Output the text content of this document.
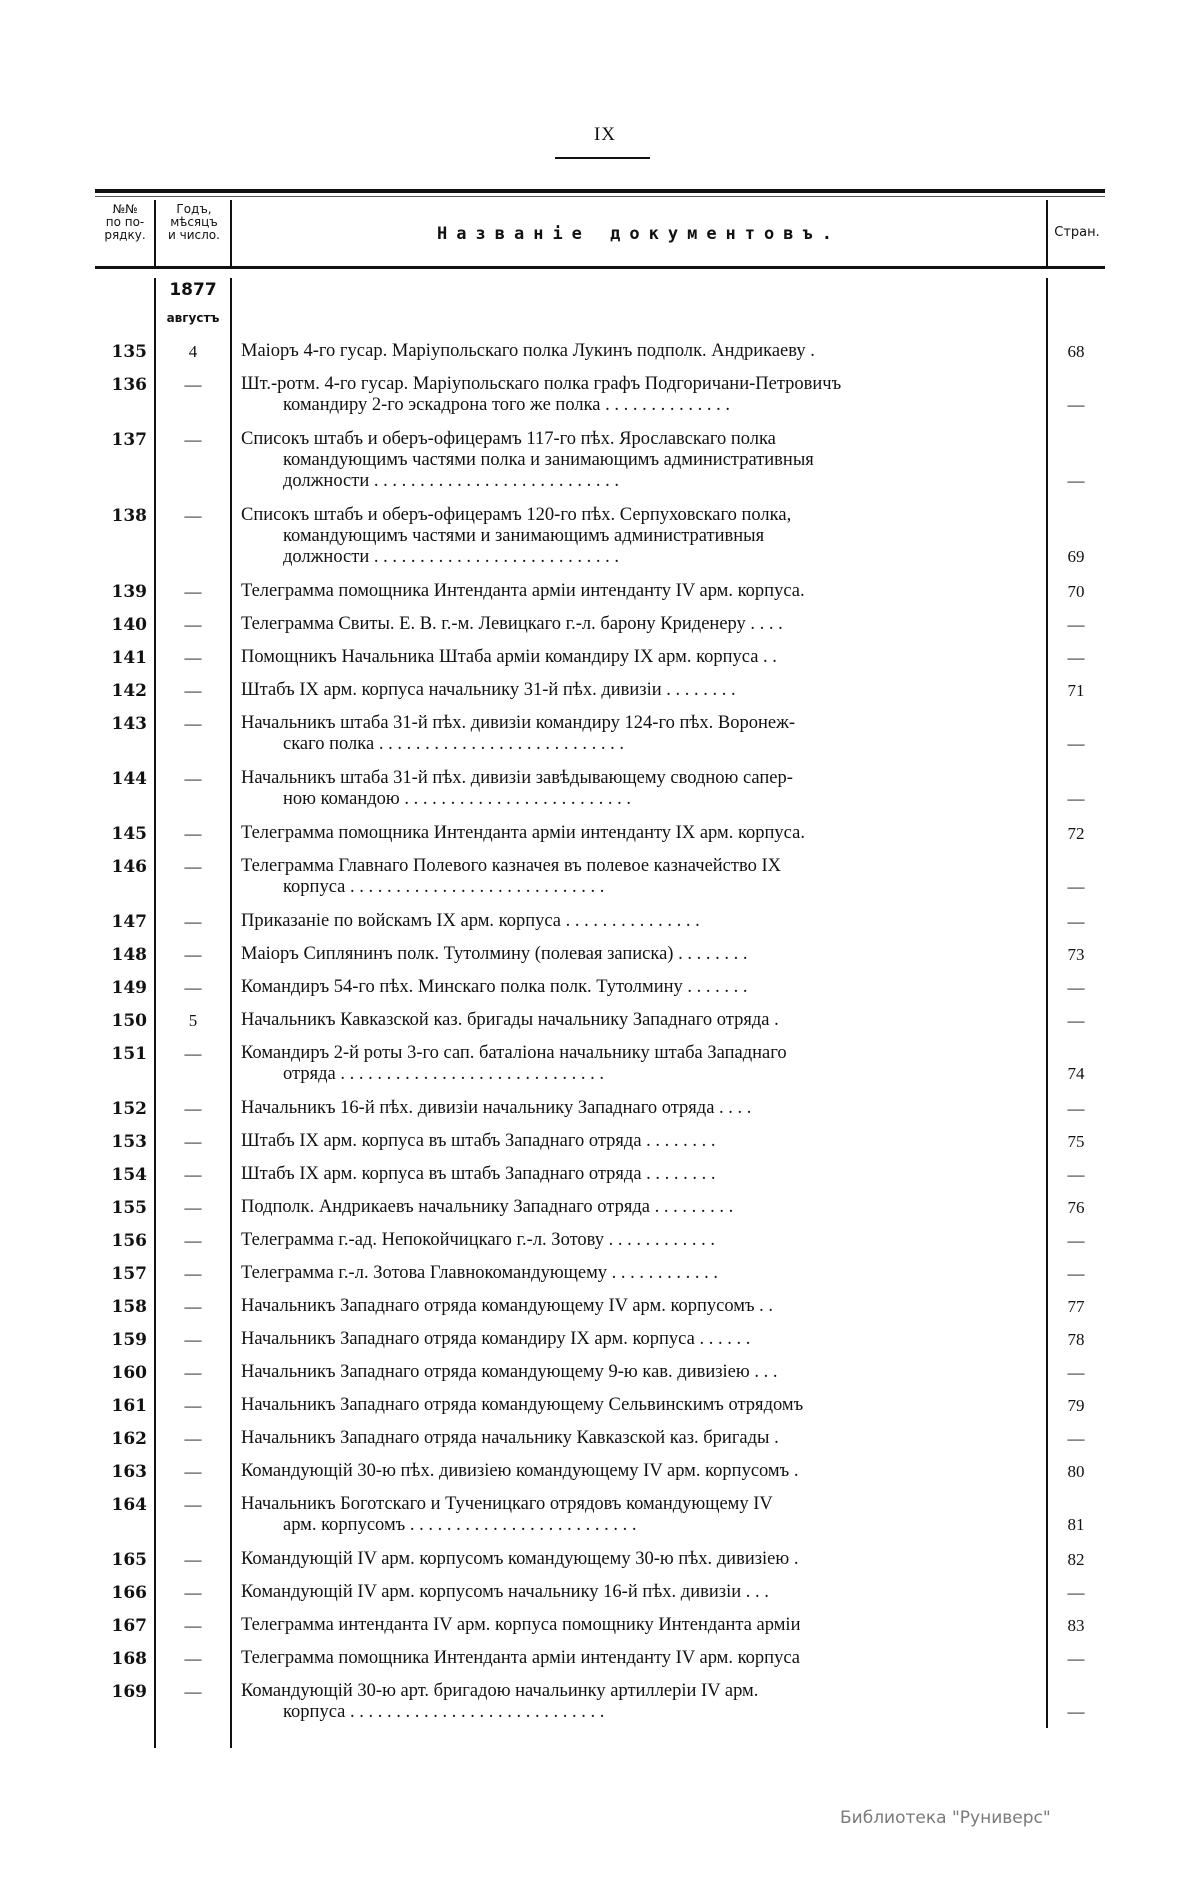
IX
№№
по по-
рядку.
Годъ,
мѣсяцъ
и число.	Названіе документовъ.	Стран.
1877
августъ
135	4	Маіоръ 4-го гусар. Маріупольскаго полка Лукинъ подполк. Андрикаеву .	68
136	—	Шт.-ротм. 4-го гусар. Маріупольскаго полка графъ Подгоричани-Петровичъ
командиру 2-го эскадрона того же полка . . . . . . . . . . . . . .	—
137	—	Списокъ штабъ и оберъ-офицерамъ 117-го пѣх. Ярославскаго полка
командующимъ частями полка и занимающимъ административныя
должности . . . . . . . . . . . . . . . . . . . . . . . . . . .	—
138	—	Списокъ штабъ и оберъ-офицерамъ 120-го пѣх. Серпуховскаго полка,
командующимъ частями и занимающимъ административныя
должности . . . . . . . . . . . . . . . . . . . . . . . . . . .	69
139	—	Телеграмма помощника Интенданта арміи интенданту IV арм. корпуса.	70
140	—	Телеграмма Свиты. Е. В. г.-м. Левицкаго г.-л. барону Криденеру . . . .	—
141	—	Помощникъ Начальника Штаба арміи командиру IX арм. корпуса . .	—
142	—	Штабъ IX арм. корпуса начальнику 31-й пѣх. дивизіи . . . . . . . .	71
143	—	Начальникъ штаба 31-й пѣх. дивизіи командиру 124-го пѣх. Воронеж-
скаго полка . . . . . . . . . . . . . . . . . . . . . . . . . . .	—
144	—	Начальникъ штаба 31-й пѣх. дивизіи завѣдывающему сводною сапер-
ною командою . . . . . . . . . . . . . . . . . . . . . . . . .	—
145	—	Телеграмма помощника Интенданта арміи интенданту IX арм. корпуса.	72
146	—	Телеграмма Главнаго Полевого казначея въ полевое казначейство IX
корпуса . . . . . . . . . . . . . . . . . . . . . . . . . . . .	—
147	—	Приказаніе по войскамъ IX арм. корпуса . . . . . . . . . . . . . . .	—
148	—	Маіоръ Сиплянинъ полк. Тутолмину (полевая записка) . . . . . . . .	73
149	—	Командиръ 54-го пѣх. Минскаго полка полк. Тутолмину . . . . . . .	—
150	5	Начальникъ Кавказской каз. бригады начальнику Западнаго отряда .	—
151	—	Командиръ 2-й роты 3-го сап. баталіона начальнику штаба Западнаго
отряда . . . . . . . . . . . . . . . . . . . . . . . . . . . . .	74
152	—	Начальникъ 16-й пѣх. дивизіи начальнику Западнаго отряда . . . .	—
153	—	Штабъ IX арм. корпуса въ штабъ Западнаго отряда . . . . . . . .	75
154	—	Штабъ IX арм. корпуса въ штабъ Западнаго отряда . . . . . . . .	—
155	—	Подполк. Андрикаевъ начальнику Западнаго отряда . . . . . . . . .	76
156	—	Телеграмма г.-ад. Непокойчицкаго г.-л. Зотову . . . . . . . . . . . .	—
157	—	Телеграмма г.-л. Зотова Главнокомандующему . . . . . . . . . . . .	—
158	—	Начальникъ Западнаго отряда командующему IV арм. корпусомъ . .	77
159	—	Начальникъ Западнаго отряда командиру IX арм. корпуса . . . . . .	78
160	—	Начальникъ Западнаго отряда командующему 9-ю кав. дивизіею . . .	—
161	—	Начальникъ Западнаго отряда командующему Сельвинскимъ отрядомъ	79
162	—	Начальникъ Западнаго отряда начальнику Кавказской каз. бригады .	—
163	—	Командующій 30-ю пѣх. дивизіею командующему IV арм. корпусомъ .	80
164	—	Начальникъ Боготскаго и Тученицкаго отрядовъ командующему IV
арм. корпусомъ . . . . . . . . . . . . . . . . . . . . . . . . .	81
165	—	Командующій IV арм. корпусомъ командующему 30-ю пѣх. дивизіею .	82
166	—	Командующій IV арм. корпусомъ начальнику 16-й пѣх. дивизіи . . .	—
167	—	Телеграмма интенданта IV арм. корпуса помощнику Интенданта арміи	83
168	—	Телеграмма помощника Интенданта арміи интенданту IV арм. корпуса	—
169	—	Командующій 30-ю арт. бригадою начальинку артиллеріи IV арм.
корпуса . . . . . . . . . . . . . . . . . . . . . . . . . . . .	—
Библиотека "Руниверс"
